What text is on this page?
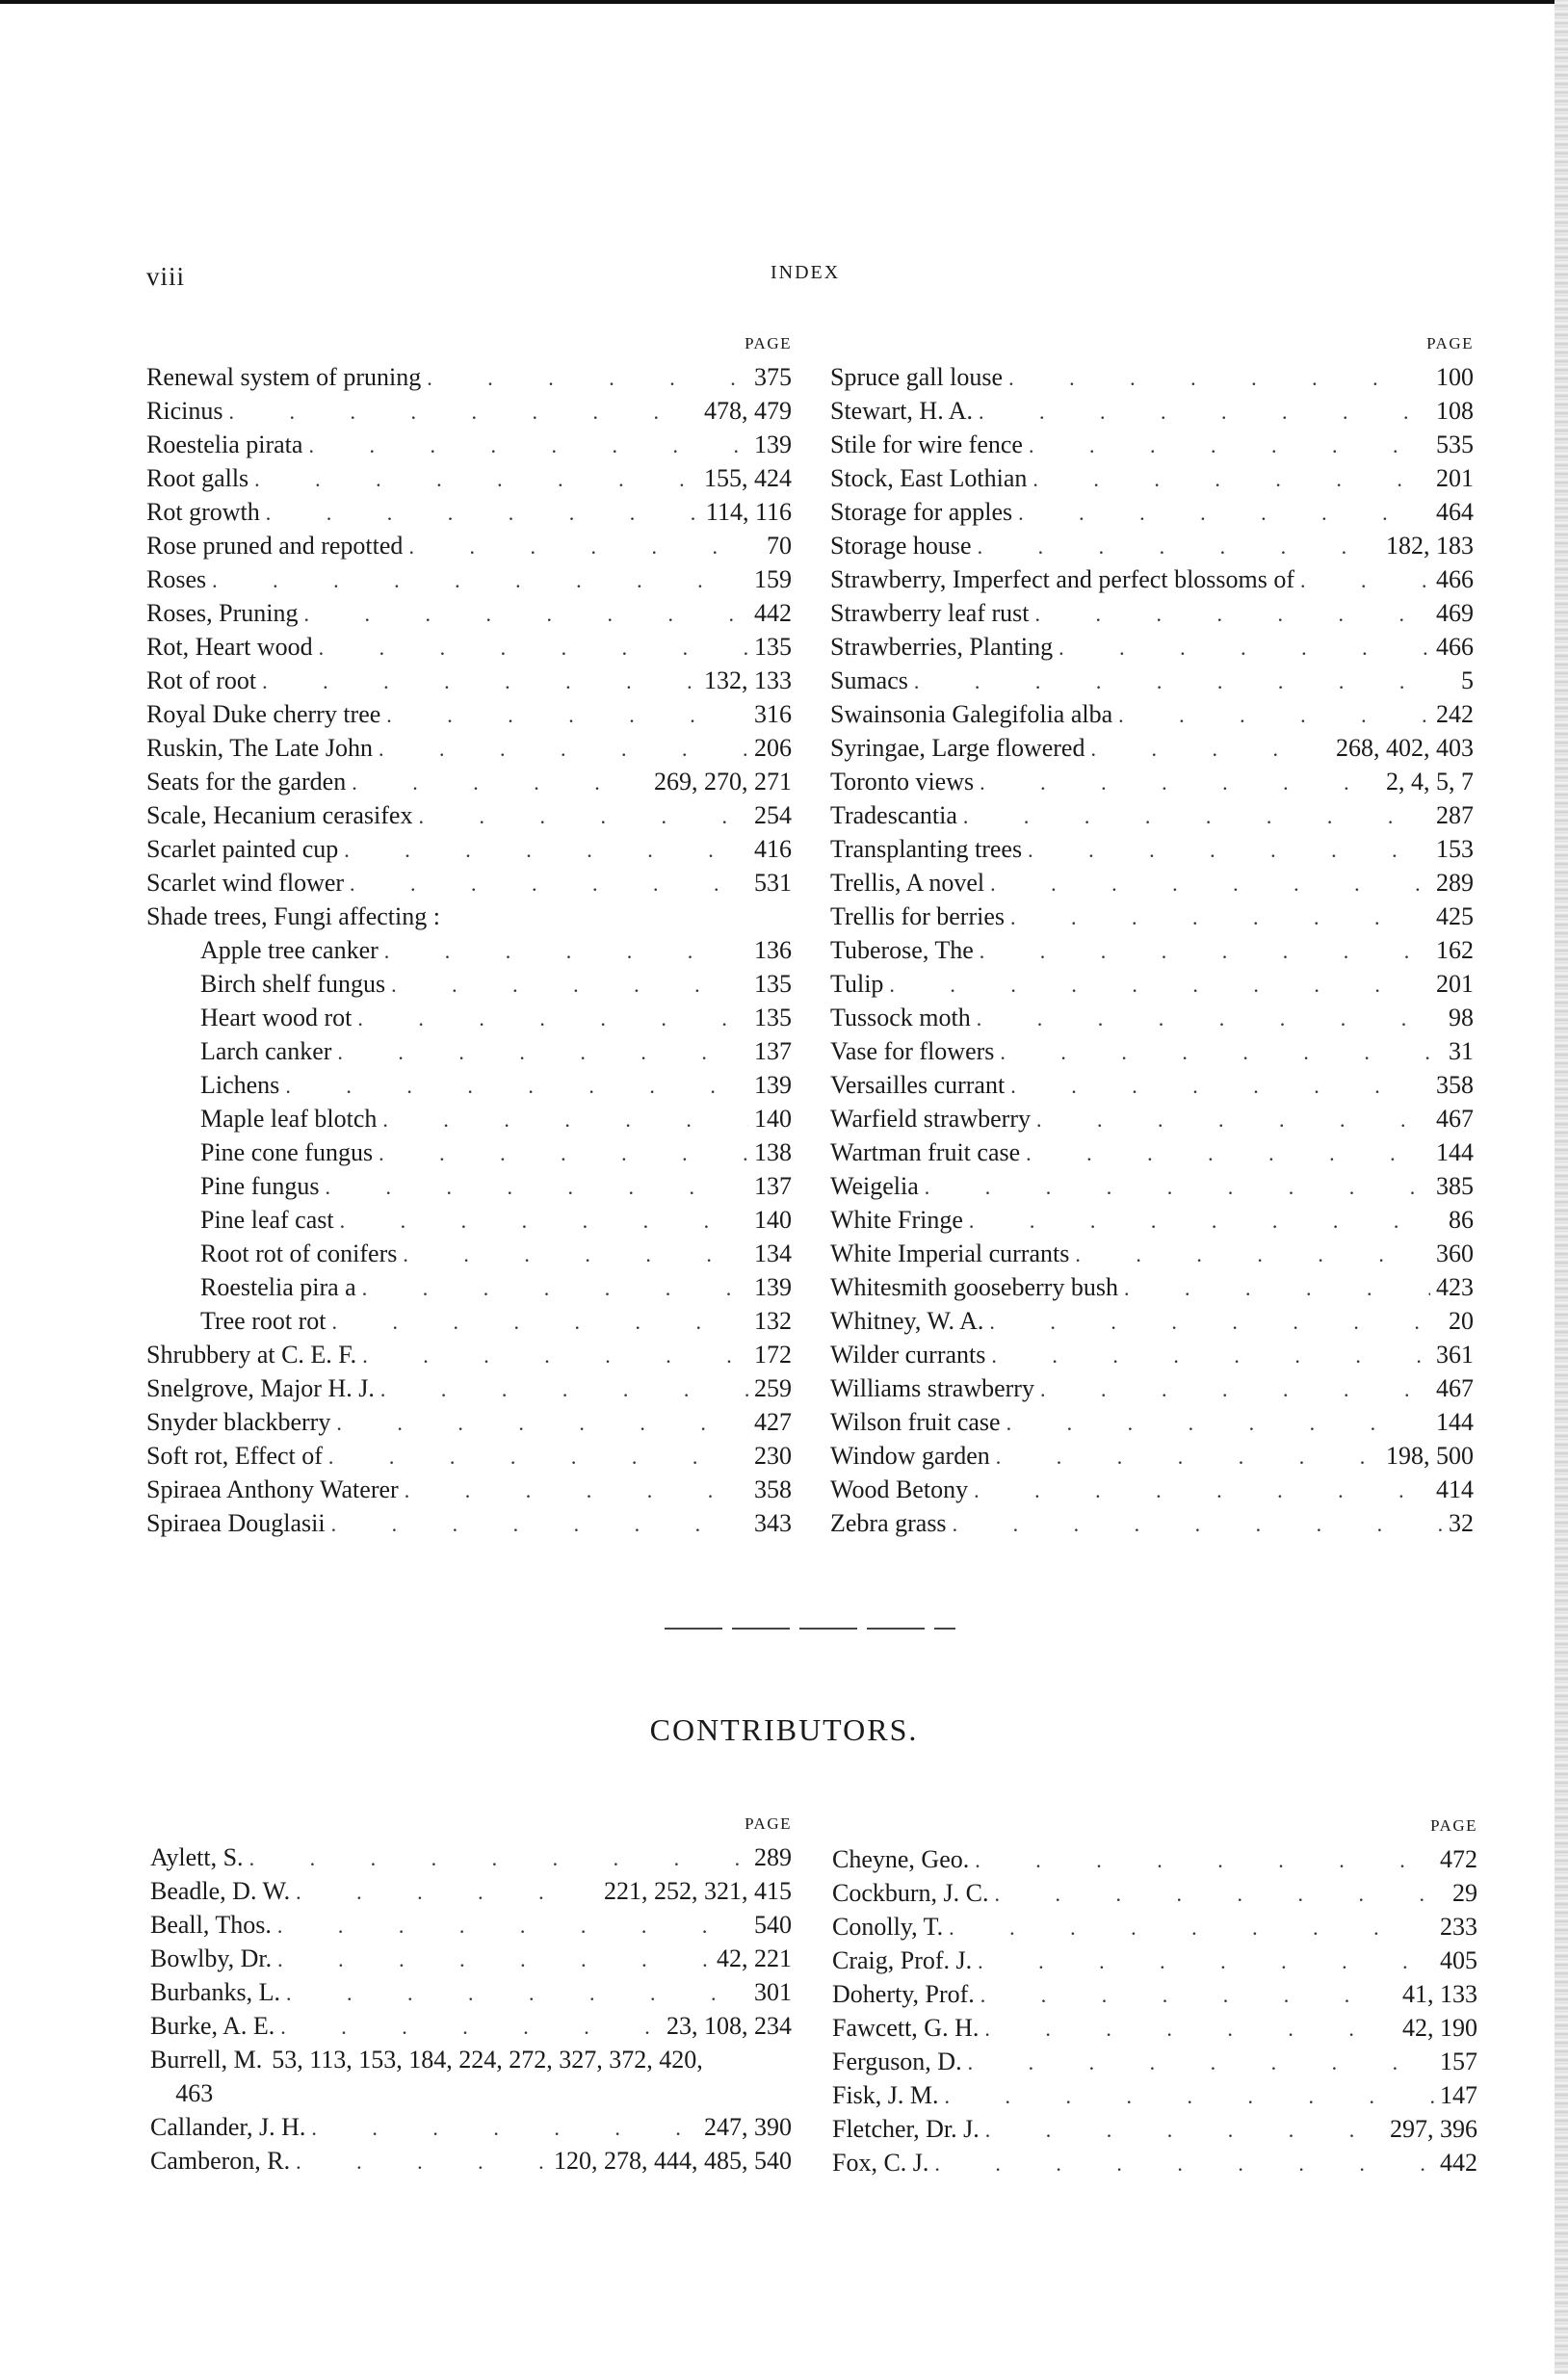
viii	INDEX
PAGE
Renewal system of pruning . . .	375
Ricinus . . .	478, 479
Roestelia pirata . . .	139
Root galls . . .	155, 424
Rot growth . . .	114, 116
Rose pruned and repotted . . .	70
Roses . . .	159
Roses, Pruning . . .	442
Rot, Heart wood . . .	135
Rot of root . . .	132, 133
Royal Duke cherry tree . . .	316
Ruskin, The Late John . . .	206
Seats for the garden . . .	269, 270, 271
Scale, Hecanium cerasifex . . .	254
Scarlet painted cup . . .	416
Scarlet wind flower . . .	531
Shade trees, Fungi affecting :
Apple tree canker . . .	136
Birch shelf fungus . . .	135
Heart wood rot . . .	135
Larch canker . . .	137
Lichens . . .	139
Maple leaf blotch . . .	140
Pine cone fungus . . .	138
Pine fungus . . .	137
Pine leaf cast . . .	140
Root rot of conifers . . .	134
Roestelia pira a . . .	139
Tree root rot . . .	132
Shrubbery at C. E. F. . . .	172
Snelgrove, Major H. J. . . .	259
Snyder blackberry . . .	427
Soft rot, Effect of . . .	230
Spiraea Anthony Waterer . . .	358
Spiraea Douglasii . . .	343
PAGE
Spruce gall louse . . .	100
Stewart, H. A. . . .	108
Stile for wire fence . . .	535
Stock, East Lothian . . .	201
Storage for apples . . .	464
Storage house . . .	182, 183
Strawberry, Imperfect and perfect blossoms of . . .	466
Strawberry leaf rust . . .	469
Strawberries, Planting . . .	466
Sumacs . . .	5
Swainsonia Galegifolia alba . . .	242
Syringae, Large flowered . . .	268, 402, 403
Toronto views . . .	2, 4, 5, 7
Tradescantia . . .	287
Transplanting trees . . .	153
Trellis, A novel . . .	289
Trellis for berries . . .	425
Tuberose, The . . .	162
Tulip . . .	201
Tussock moth . . .	98
Vase for flowers . . .	31
Versailles currant . . .	358
Warfield strawberry . . .	467
Wartman fruit case . . .	144
Weigelia . . .	385
White Fringe . . .	86
White Imperial currants . . .	360
Whitesmith gooseberry bush . . .	423
Whitney, W. A. . . .	20
Wilder currants . . .	361
Williams strawberry . . .	467
Wilson fruit case . . .	144
Window garden . . .	198, 500
Wood Betony . . .	414
Zebra grass . . .	32
CONTRIBUTORS.
PAGE
Aylett, S. . . .	289
Beadle, D. W. . . .	221, 252, 321, 415
Beall, Thos. . . .	540
Bowlby, Dr. . . .	42, 221
Burbanks, L. . . .	301
Burke, A. E. . . .	23, 108, 234
Burrell, M. 53, 113, 153, 184, 224, 272, 327, 372, 420,
463
Callander, J. H. . . .	247, 390
Camberon, R. . . .	120, 278, 444, 485, 540
PAGE
Cheyne, Geo. . . .	472
Cockburn, J. C. . . .	29
Conolly, T. . . .	233
Craig, Prof. J. . . .	405
Doherty, Prof. . . .	41, 133
Fawcett, G. H. . . .	42, 190
Ferguson, D. . . .	157
Fisk, J. M. . . .	147
Fletcher, Dr. J. . . .	297, 396
Fox, C. J. . . .	442
